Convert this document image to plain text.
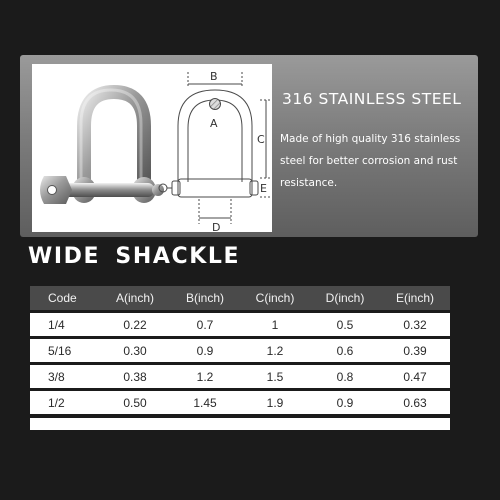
B
A
C
E
D
316 STAINLESS STEEL
Made of high quality 316 stainless steel for better corrosion and rust resistance.
WIDE SHACKLE
Code	A(inch)	B(inch)	C(inch)	D(inch)	E(inch)
1/4	0.22	0.7	1	0.5	0.32
5/16	0.30	0.9	1.2	0.6	0.39
3/8	0.38	1.2	1.5	0.8	0.47
1/2	0.50	1.45	1.9	0.9	0.63
